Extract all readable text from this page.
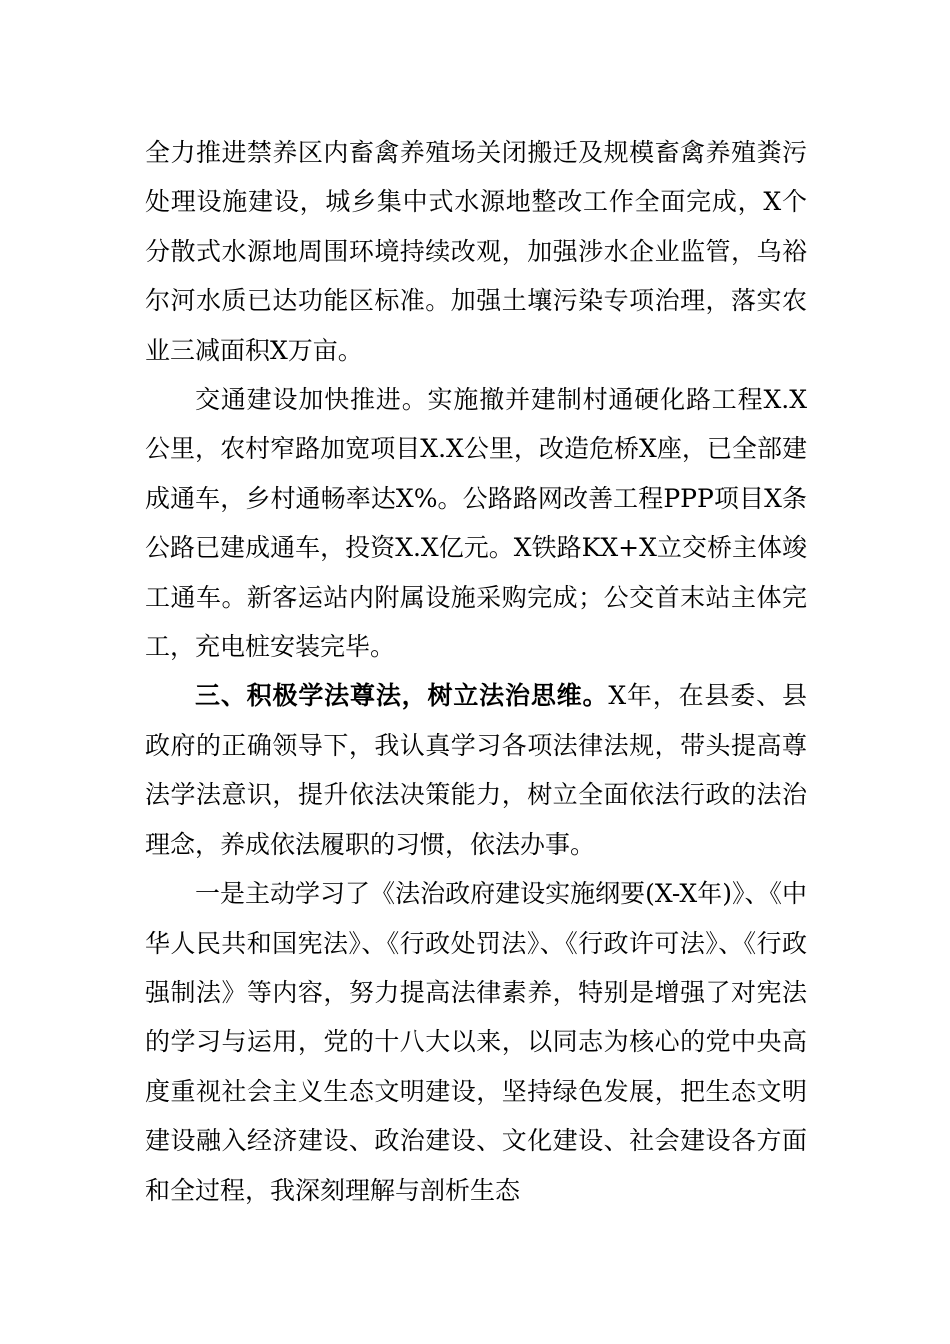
全力推进禁养区内畜禽养殖场关闭搬迁及规模畜禽养殖粪污处理设施建设，城乡集中式水源地整改工作全面完成，X个分散式水源地周围环境持续改观，加强涉水企业监管，乌裕尔河水质已达功能区标准。加强土壤污染专项治理，落实农业三减面积X万亩。

交通建设加快推进。实施撤并建制村通硬化路工程X.X公里，农村窄路加宽项目X.X公里，改造危桥X座，已全部建成通车，乡村通畅率达X%。公路路网改善工程PPP项目X条公路已建成通车，投资X.X亿元。X铁路KX+X立交桥主体竣工通车。新客运站内附属设施采购完成；公交首末站主体完工，充电桩安装完毕。

三、积极学法尊法，树立法治思维。X年，在县委、县政府的正确领导下，我认真学习各项法律法规，带头提高尊法学法意识，提升依法决策能力，树立全面依法行政的法治理念，养成依法履职的习惯，依法办事。

一是主动学习了《法治政府建设实施纲要(X-X年)》、《中华人民共和国宪法》、《行政处罚法》、《行政许可法》、《行政强制法》等内容，努力提高法律素养，特别是增强了对宪法的学习与运用，党的十八大以来，以同志为核心的党中央高度重视社会主义生态文明建设，坚持绿色发展，把生态文明建设融入经济建设、政治建设、文化建设、社会建设各方面和全过程，我深刻理解与剖析生态
